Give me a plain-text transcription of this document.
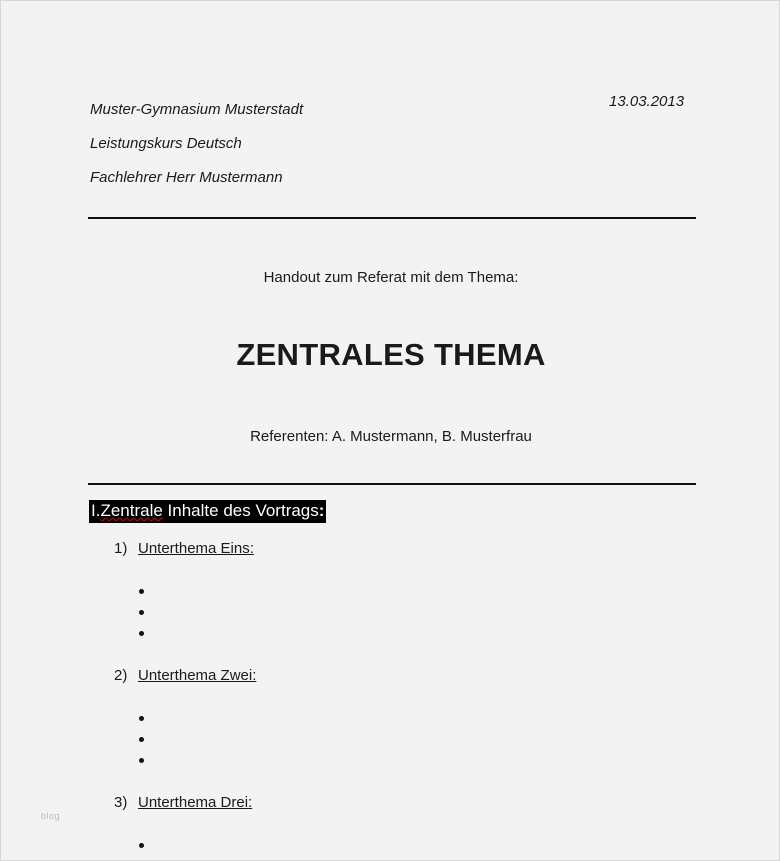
Muster-Gymnasium Musterstadt
Leistungskurs Deutsch
Fachlehrer Herr Mustermann
13.03.2013
Handout zum Referat mit dem Thema:
ZENTRALES THEMA
Referenten: A. Mustermann, B. Musterfrau
I.Zentrale Inhalte des Vortrags:
1) Unterthema Eins:
2) Unterthema Zwei:
3) Unterthema Drei:
blog
